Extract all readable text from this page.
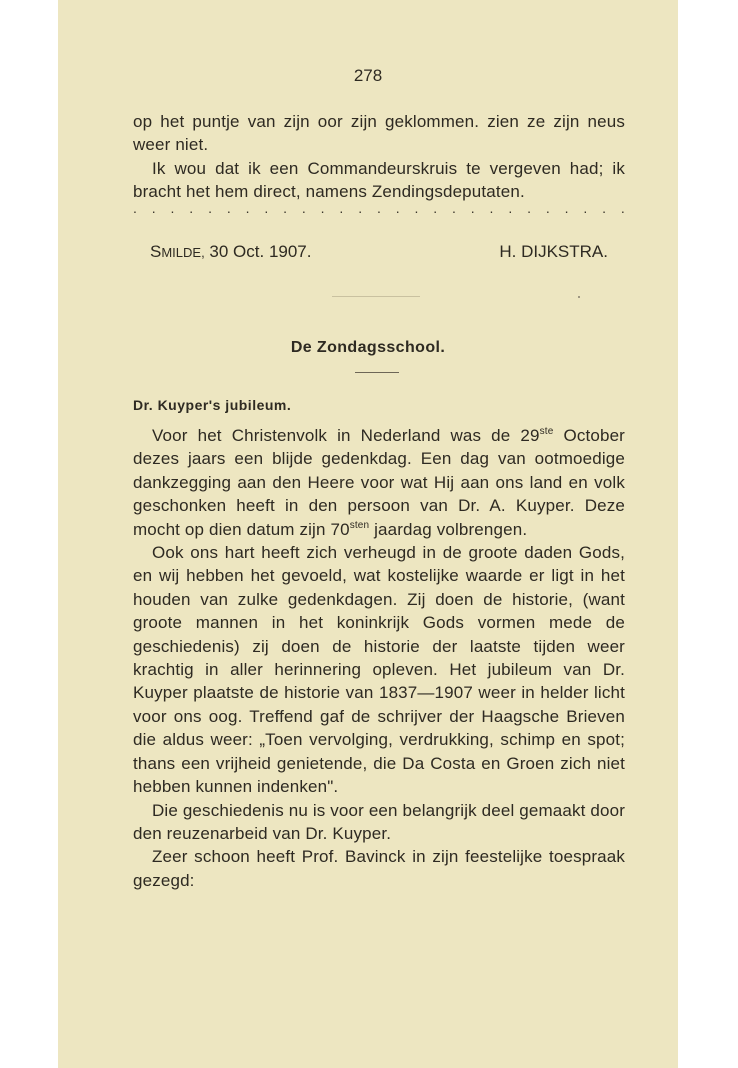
278

op het puntje van zijn oor zijn geklommen. zien ze zijn neus weer niet.

Ik wou dat ik een Commandeurskruis te vergeven had; ik bracht het hem direct, namens Zendingsdeputaten.

. . . . . . . . . . . . . . . . . . . . . . . . . . .
SMILDE, 30 Oct. 1907.	H. DIJKSTRA.
De Zondagsschool.
Dr. Kuyper's jubileum.

Voor het Christenvolk in Nederland was de 29ste October dezes jaars een blijde gedenkdag. Een dag van ootmoedige dankzegging aan den Heere voor wat Hij aan ons land en volk geschonken heeft in den persoon van Dr. A. Kuyper. Deze mocht op dien datum zijn $70^{sten}$ jaardag volbrengen.

Ook ons hart heeft zich verheugd in de groote daden Gods, en wij hebben het gevoeld, wat kostelijke waarde er ligt in het houden van zulke gedenkdagen. Zij doen de historie, (want groote mannen in het koninkrijk Gods vormen mede de geschiedenis) zij doen de historie der laatste tijden weer krachtig in aller herinnering opleven. Het jubileum van Dr. Kuyper plaatste de historie van 1837—1907 weer in helder licht voor ons oog. Treffend gaf de schrijver der Haagsche Brieven die aldus weer: „Toen vervolging, verdrukking, schimp en spot; thans een vrijheid genietende, die Da Costa en Groen zich niet hebben kunnen indenken".

Die geschiedenis nu is voor een belangrijk deel gemaakt door den reuzenarbeid van Dr. Kuyper.

Zeer schoon heeft Prof. Bavinck in zijn feestelijke toespraak gezegd:
